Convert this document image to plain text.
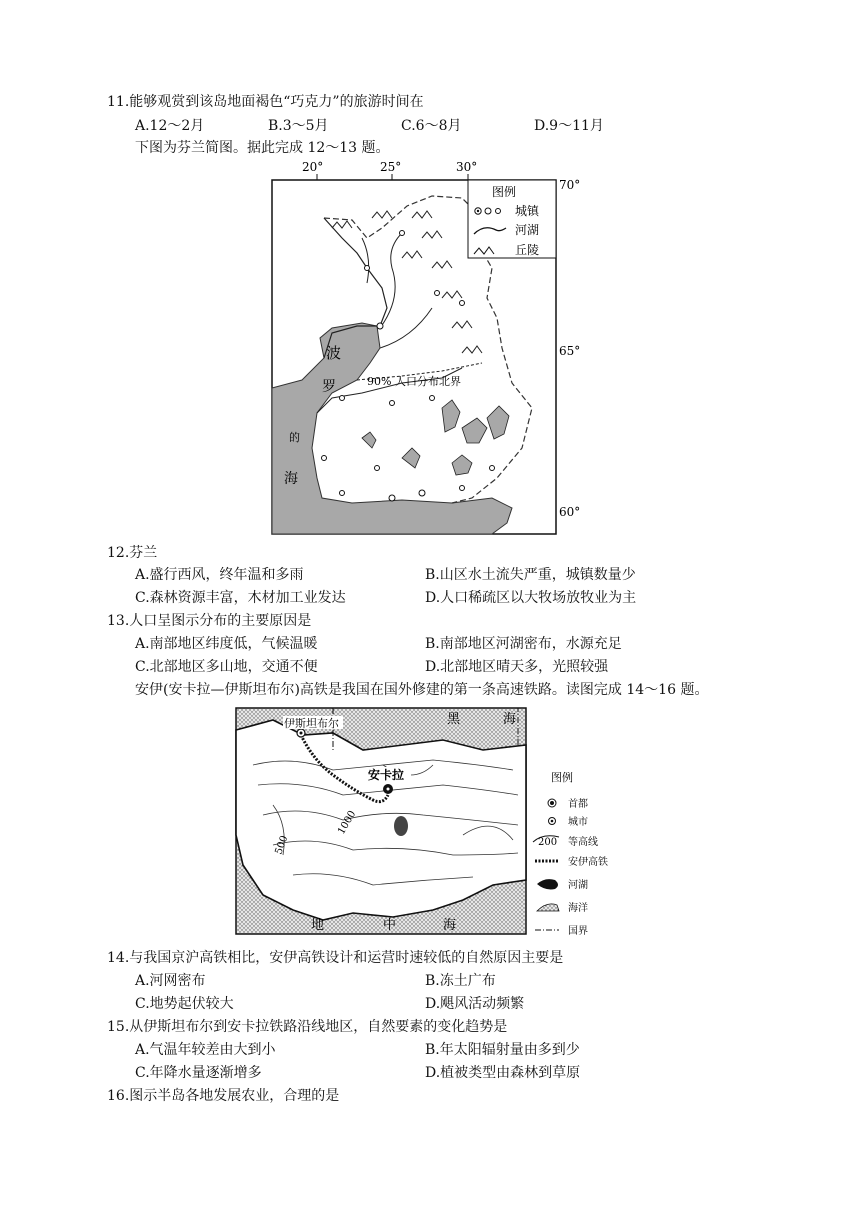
11.能够观赏到该岛地面褐色“巧克力”的旅游时间在
A.12～2月	B.3～5月	C.6～8月	D.9～11月
下图为芬兰简图。据此完成 12～13 题。
20°	25°	30°
70°
65°
60°
90% 人口分布北界
波
罗
的
海
图例
城镇
河湖
丘陵
12.芬兰
A.盛行西风，终年温和多雨	B.山区水土流失严重，城镇数量少
C.森林资源丰富，木材加工业发达	D.人口稀疏区以大牧场放牧业为主
13.人口呈图示分布的主要原因是
A.南部地区纬度低，气候温暖	B.南部地区河湖密布，水源充足
C.北部地区多山地，交通不便	D.北部地区晴天多，光照较强
安伊(安卡拉—伊斯坦布尔)高铁是我国在国外修建的第一条高速铁路。读图完成 14～16 题。
伊斯坦布尔
安卡拉
500
1000
黑	海
地	中	海
图例
首都
城市
200 等高线
安伊高铁
河湖
海洋
国界
14.与我国京沪高铁相比，安伊高铁设计和运营时速较低的自然原因主要是
A.河网密布	B.冻土广布
C.地势起伏较大	D.飓风活动频繁
15.从伊斯坦布尔到安卡拉铁路沿线地区，自然要素的变化趋势是
A.气温年较差由大到小	B.年太阳辐射量由多到少
C.年降水量逐渐增多	D.植被类型由森林到草原
16.图示半岛各地发展农业，合理的是
